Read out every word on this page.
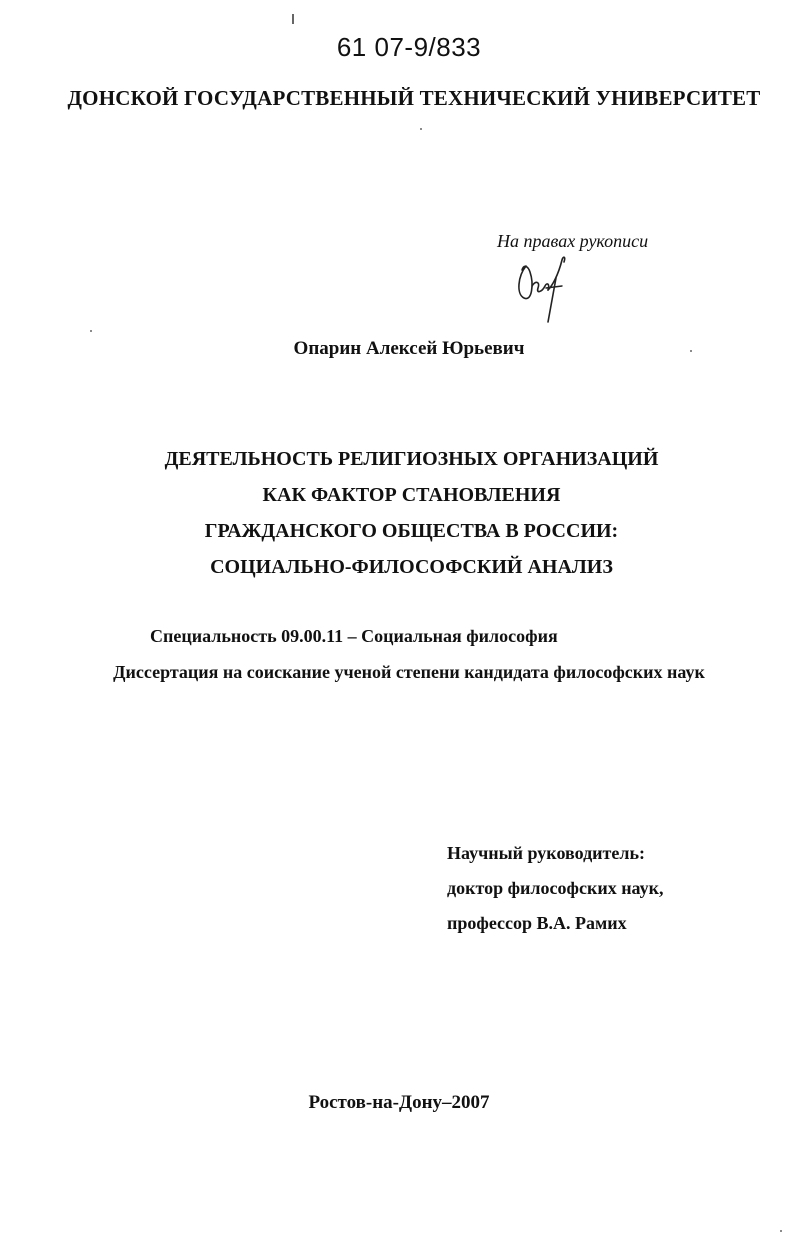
61 07-9/833
ДОНСКОЙ ГОСУДАРСТВЕННЫЙ ТЕХНИЧЕСКИЙ УНИВЕРСИТЕТ
На правах рукописи
Опарин Алексей Юрьевич
ДЕЯТЕЛЬНОСТЬ РЕЛИГИОЗНЫХ ОРГАНИЗАЦИЙ
КАК ФАКТОР СТАНОВЛЕНИЯ
ГРАЖДАНСКОГО ОБЩЕСТВА В РОССИИ:
СОЦИАЛЬНО-ФИЛОСОФСКИЙ АНАЛИЗ
Специальность 09.00.11 – Социальная философия
Диссертация на соискание ученой степени кандидата философских наук
Научный руководитель:
доктор философских наук,
профессор В.А. Рамих
Ростов-на-Дону–2007
